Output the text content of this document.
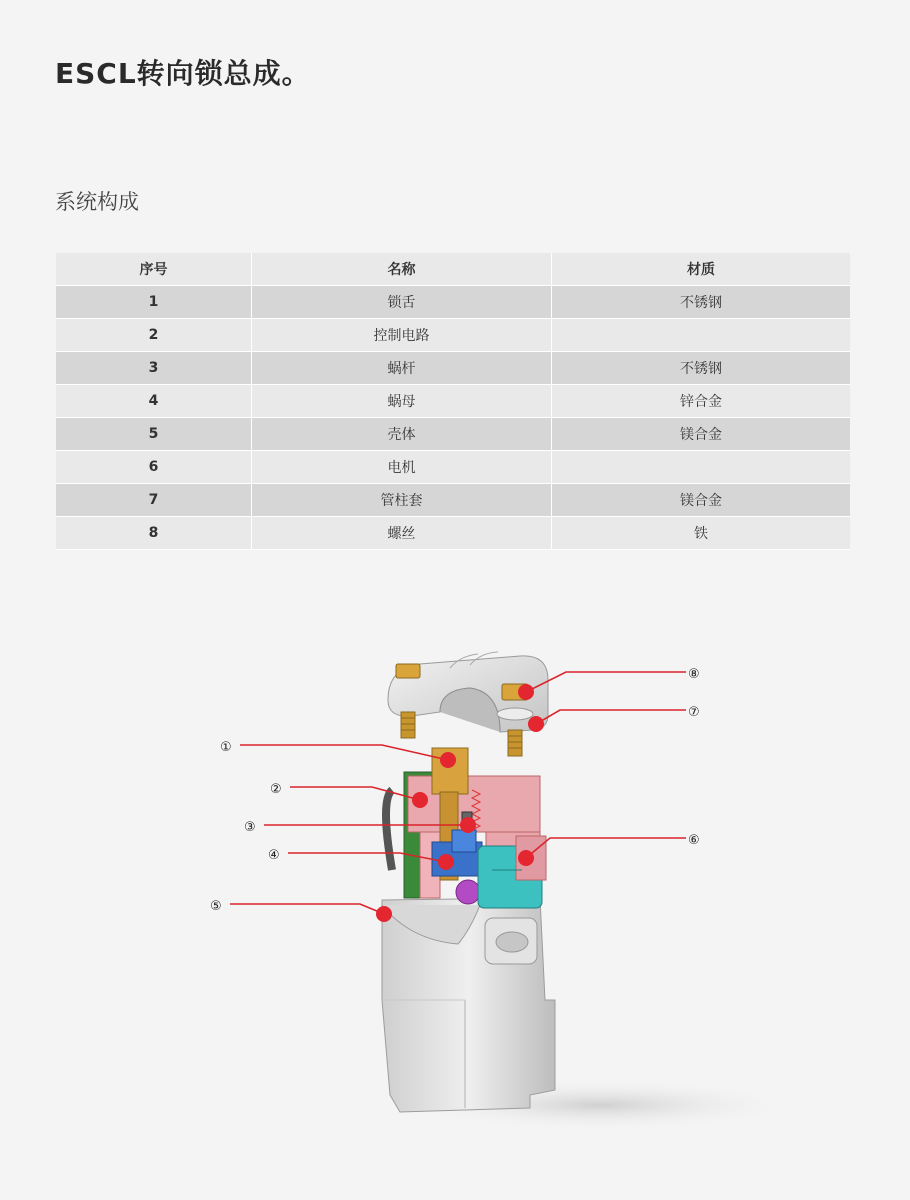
ESCL转向锁总成。
系统构成
序号	名称	材质
1	锁舌	不锈钢
2	控制电路	
3	蜗杆	不锈钢
4	蜗母	锌合金
5	壳体	镁合金
6	电机	
7	管柱套	镁合金
8	螺丝	铁
①
②
③
④
⑤
⑥
⑦
⑧
